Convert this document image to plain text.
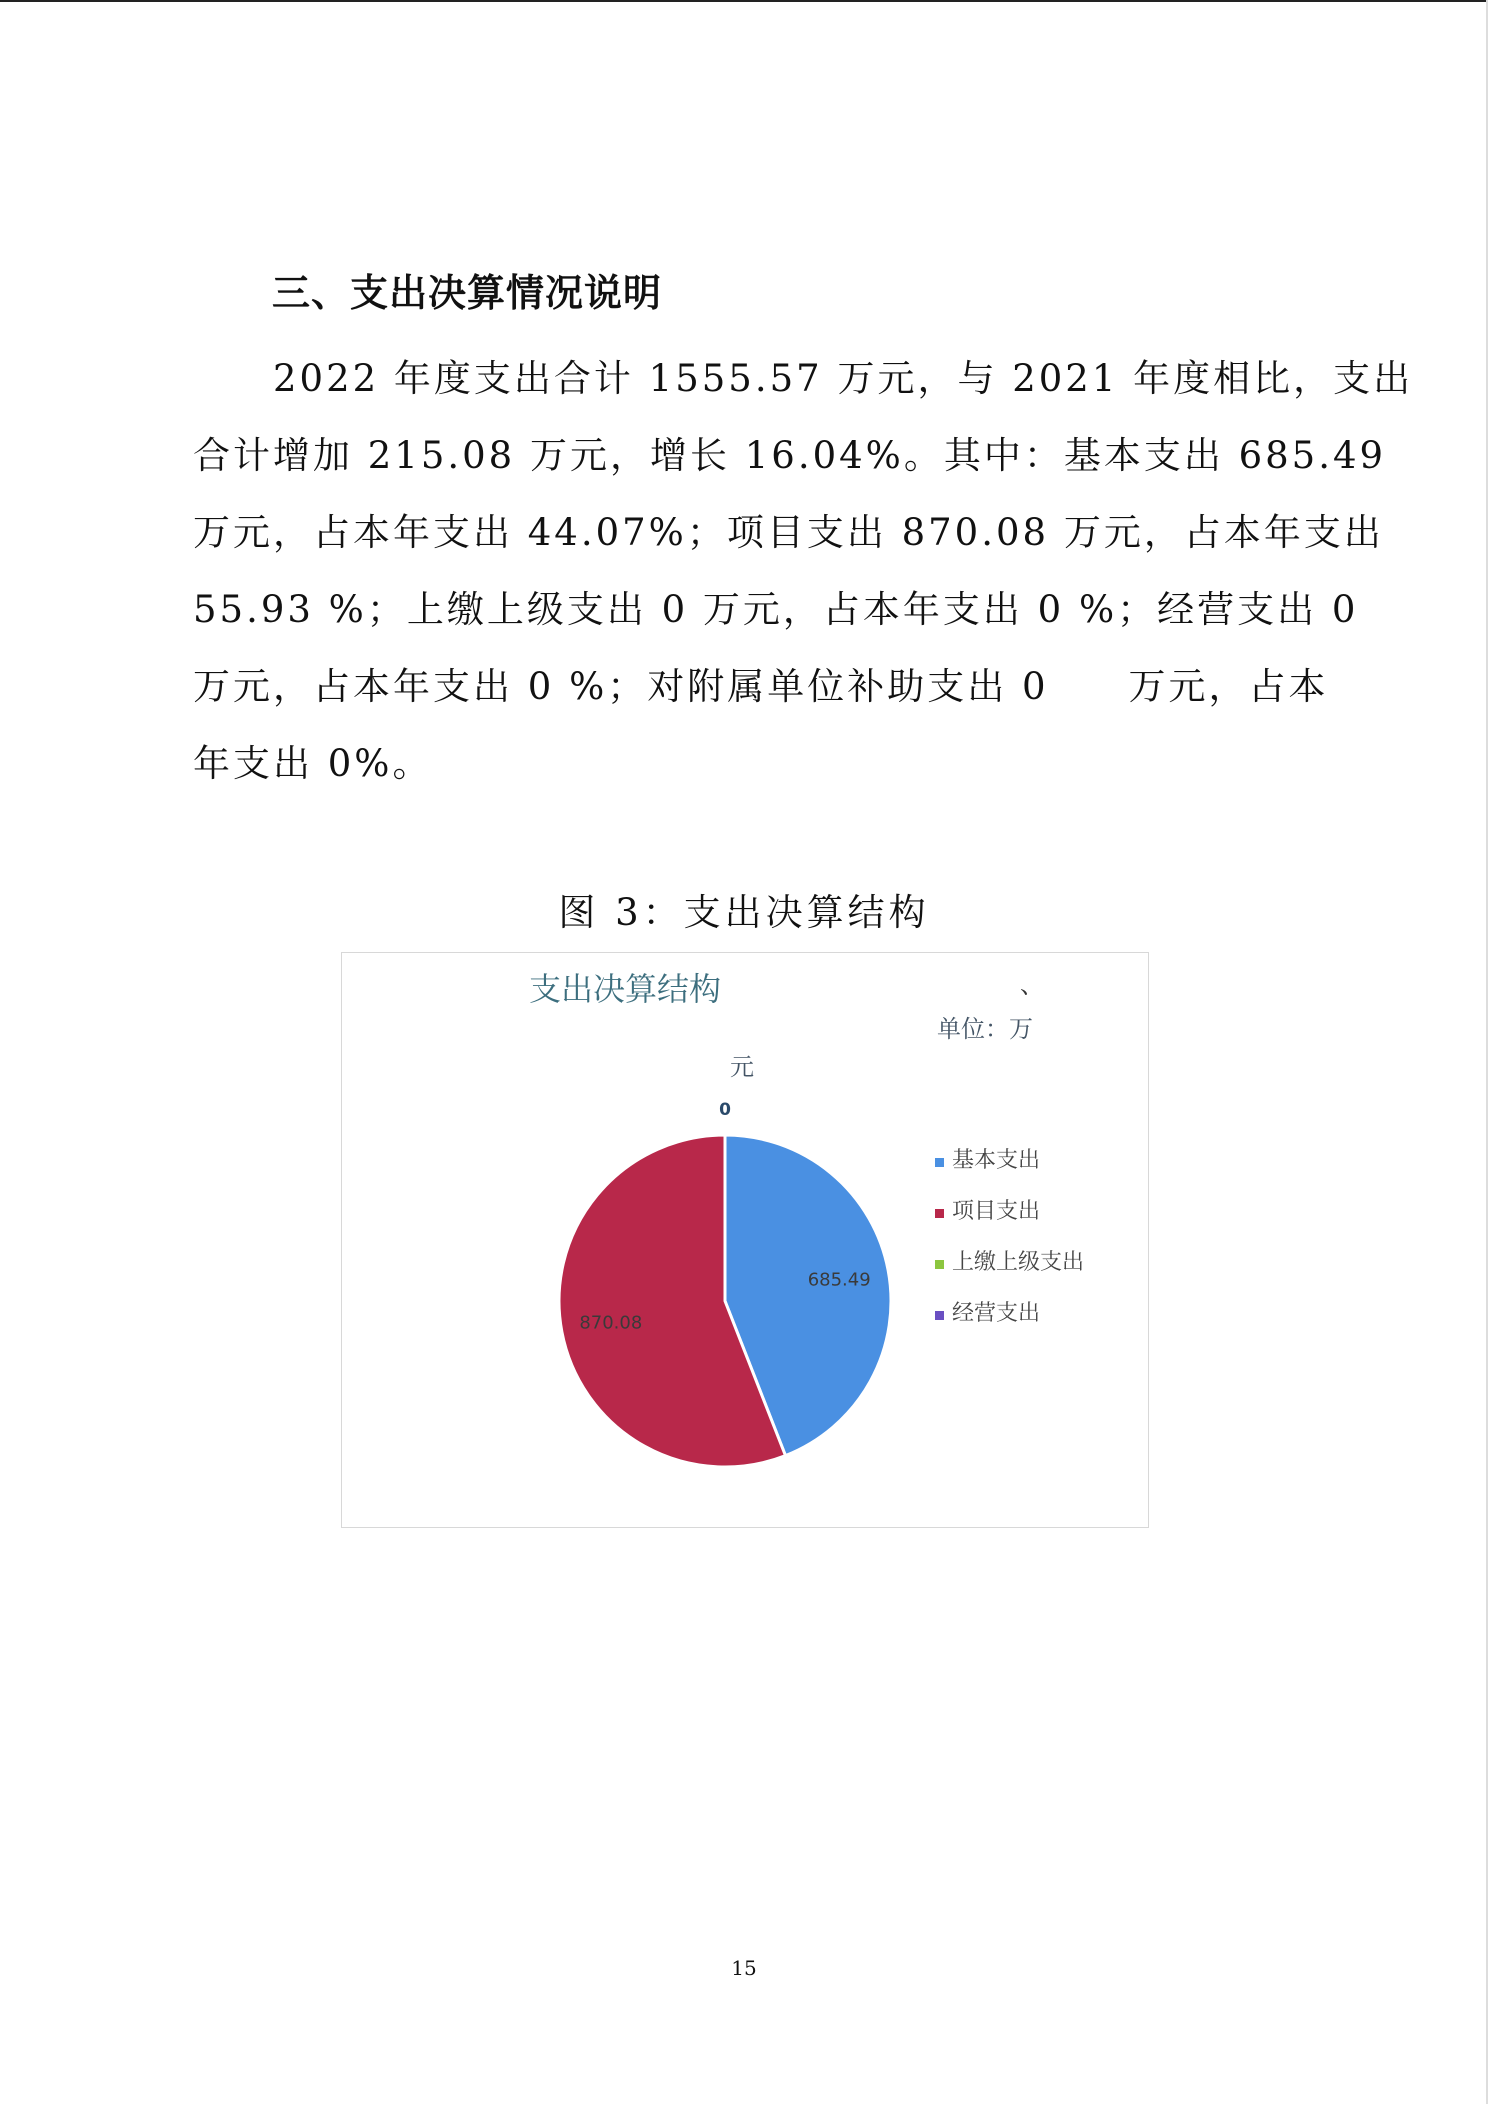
三、支出决算情况说明

2022 年度支出合计 1555.57 万元，与 2021 年度相比，支出

合计增加 215.08 万元，增长 16.04%。其中：基本支出 685.49

万元，占本年支出 44.07%；项目支出 870.08 万元，占本年支出

55.93 %；上缴上级支出 0 万元，占本年支出 0 %；经营支出 0

万元，占本年支出 0 %；对附属单位补助支出 0　　万元，占本

年支出 0%。

图 3：支出决算结构
支出决算结构	、
单位：万
元
685.49
870.08
0
基本支出
项目支出
上缴上级支出
经营支出
15
